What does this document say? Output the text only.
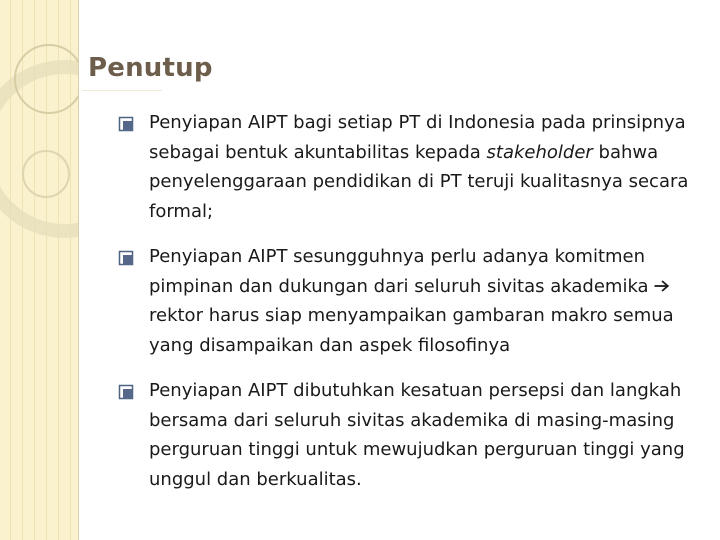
Penutup
Penyiapan AIPT bagi setiap PT di Indonesia pada prinsipnya sebagai bentuk akuntabilitas kepada stakeholder bahwa penyelenggaraan pendidikan di PT teruji kualitasnya secara formal;
Penyiapan AIPT sesungguhnya perlu adanya komitmen pimpinan dan dukungan dari seluruh sivitas akademika rektor harus siap menyampaikan gambaran makro semua yang disampaikan dan aspek filosofinya
Penyiapan AIPT dibutuhkan kesatuan persepsi dan langkah bersama dari seluruh sivitas akademika di masing-masing perguruan tinggi untuk mewujudkan perguruan tinggi yang unggul dan berkualitas.
